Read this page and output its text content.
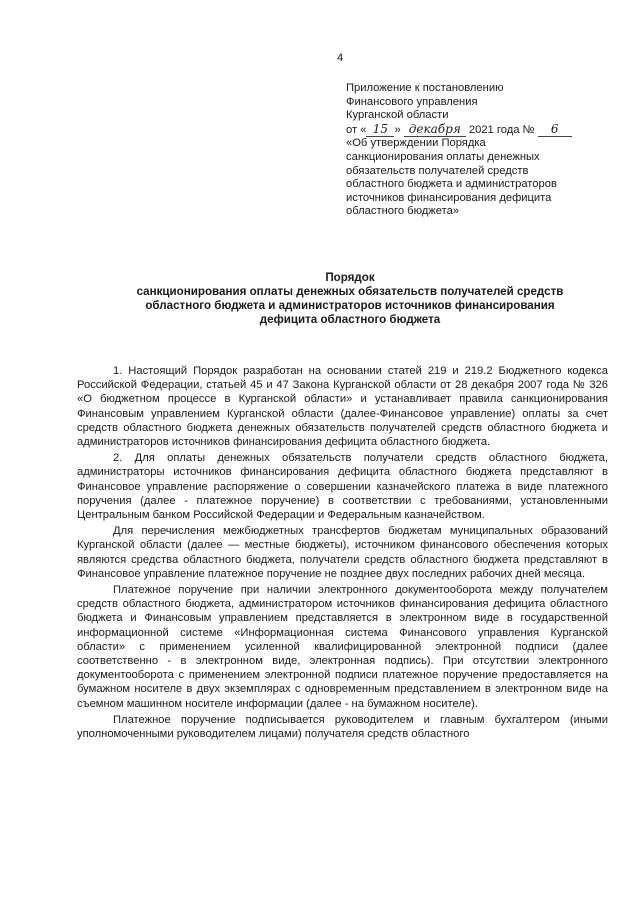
4
Приложение к постановлению
Финансового управления
Курганской области
от « 15 » декабря 2021 года № 6
«Об утверждении Порядка
санкционирования оплаты денежных
обязательств получателей средств
областного бюджета и администраторов
источников финансирования дефицита
областного бюджета»
Порядок
санкционирования оплаты денежных обязательств получателей средств
областного бюджета и администраторов источников финансирования
дефицита областного бюджета

1. Настоящий Порядок разработан на основании статей 219 и 219.2 Бюджетного кодекса Российской Федерации, статьей 45 и 47 Закона Курганской области от 28 декабря 2007 года № 326 «О бюджетном процессе в Курганской области» и устанавливает правила санкционирования Финансовым управлением Курганской области (далее-Финансовое управление) оплаты за счет средств областного бюджета денежных обязательств получателей средств областного бюджета и администраторов источников финансирования дефицита областного бюджета.

2. Для оплаты денежных обязательств получатели средств областного бюджета, администраторы источников финансирования дефицита областного бюджета представляют в Финансовое управление распоряжение о совершении казначейского платежа в виде платежного поручения (далее - платежное поручение) в соответствии с требованиями, установленными Центральным банком Российской Федерации и Федеральным казначейством.

Для перечисления межбюджетных трансфертов бюджетам муниципальных образований Курганской области (далее — местные бюджеты), источником финансового обеспечения которых являются средства областного бюджета, получатели средств областного бюджета представляют в Финансовое управление платежное поручение не позднее двух последних рабочих дней месяца.

Платежное поручение при наличии электронного документооборота между получателем средств областного бюджета, администратором источников финансирования дефицита областного бюджета и Финансовым управлением представляется в электронном виде в государственной информационной системе «Информационная система Финансового управления Курганской области» с применением усиленной квалифицированной электронной подписи (далее соответственно - в электронном виде, электронная подпись). При отсутствии электронного документооборота с применением электронной подписи платежное поручение предоставляется на бумажном носителе в двух экземплярах с одновременным представлением в электронном виде на съемном машинном носителе информации (далее - на бумажном носителе).

Платежное поручение подписывается руководителем и главным бухгалтером (иными уполномоченными руководителем лицами) получателя средств областного
